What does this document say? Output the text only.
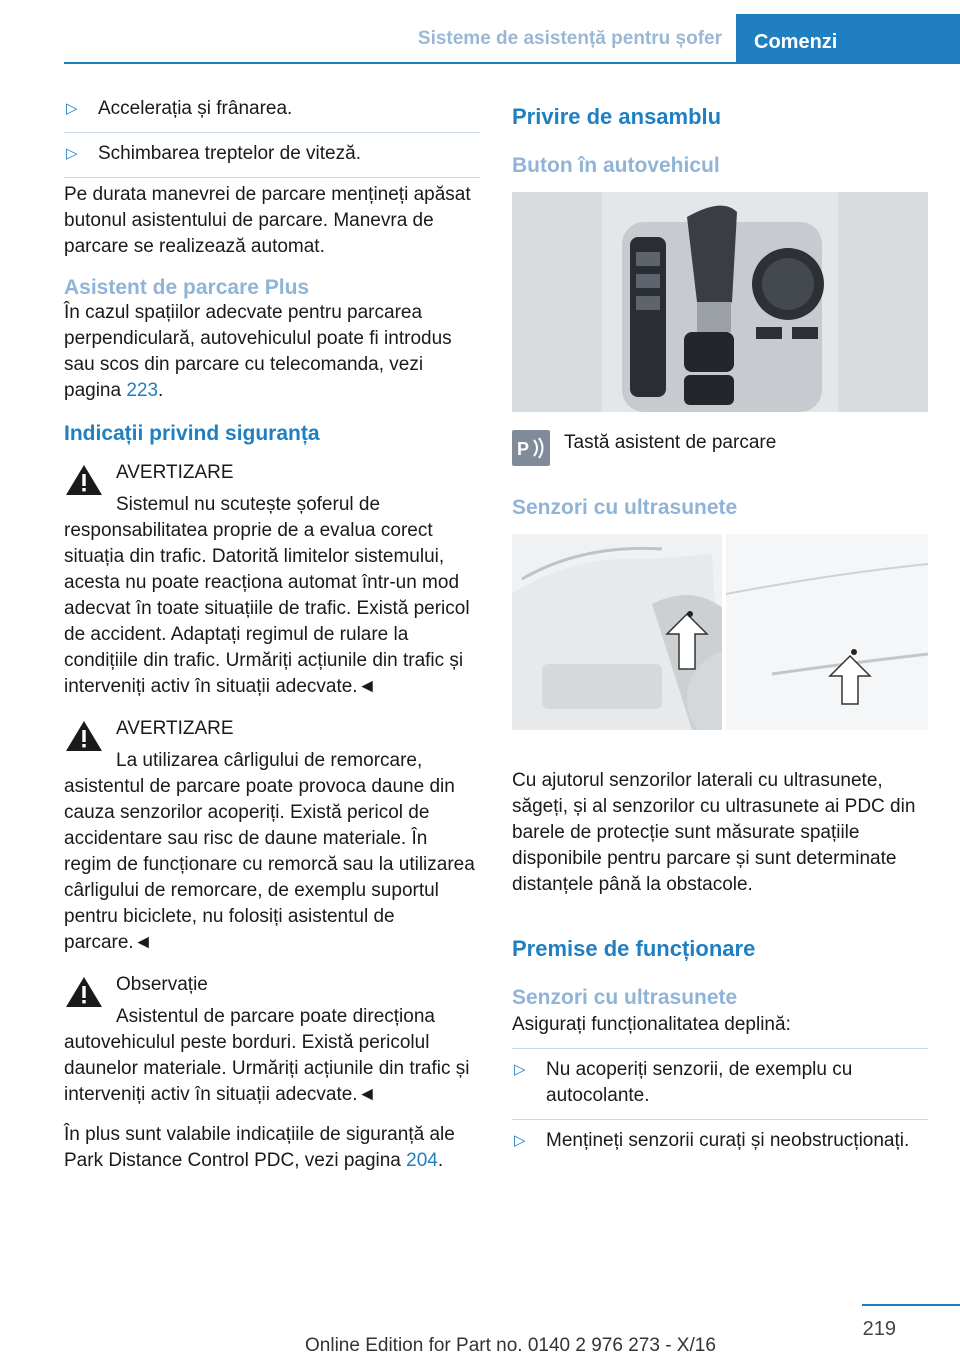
Sisteme de asistență pentru șofer	Comenzi
▷ Accelerația și frânarea.
▷ Schimbarea treptelor de viteză.

Pe durata manevrei de parcare mențineți apăsat butonul asistentului de parcare. Manevra de parcare se realizează automat.

Asistent de parcare Plus

În cazul spațiilor adecvate pentru parcarea perpendiculară, autovehiculul poate fi introdus sau scos din parcare cu telecomanda, vezi pagina 223.

Indicații privind siguranța
AVERTIZARE

Sistemul nu scutește șoferul de responsabilitatea proprie de a evalua corect situația din trafic. Datorită limitelor sistemului, acesta nu poate reacționa automat într-un mod adecvat în toate situațiile de trafic. Există pericol de accident. Adaptați regimul de rulare la condițiile din trafic. Urmăriți acțiunile din trafic și interveniți activ în situații adecvate.◄

AVERTIZARE

La utilizarea cârligului de remorcare, asistentul de parcare poate provoca daune din cauza senzorilor acoperiți. Există pericol de accidentare sau risc de daune materiale. În regim de funcționare cu remorcă sau la utilizarea cârligului de remorcare, de exemplu suportul pentru biciclete, nu folosiți asistentul de parcare.◄

Observație

Asistentul de parcare poate direcționa autovehiculul peste borduri. Există pericolul daunelor materiale. Urmăriți acțiunile din trafic și interveniți activ în situații adecvate.◄

În plus sunt valabile indicațiile de siguranță ale Park Distance Control PDC, vezi pagina 204.

Privire de ansamblu
Buton în autovehicul
P Tastă asistent de parcare
Senzori cu ultrasunete

Cu ajutorul senzorilor laterali cu ultrasunete, săgeți, și al senzorilor cu ultrasunete ai PDC din barele de protecție sunt măsurate spațiile disponibile pentru parcare și sunt determinate distanțele până la obstacole.

Premise de funcționare
Senzori cu ultrasunete

Asigurați funcționalitatea deplină:

▷ Nu acoperiți senzorii, de exemplu cu autocolante.
▷ Mențineți senzorii curați și neobstrucționați.
219
Online Edition for Part no. 0140 2 976 273 - X/16
